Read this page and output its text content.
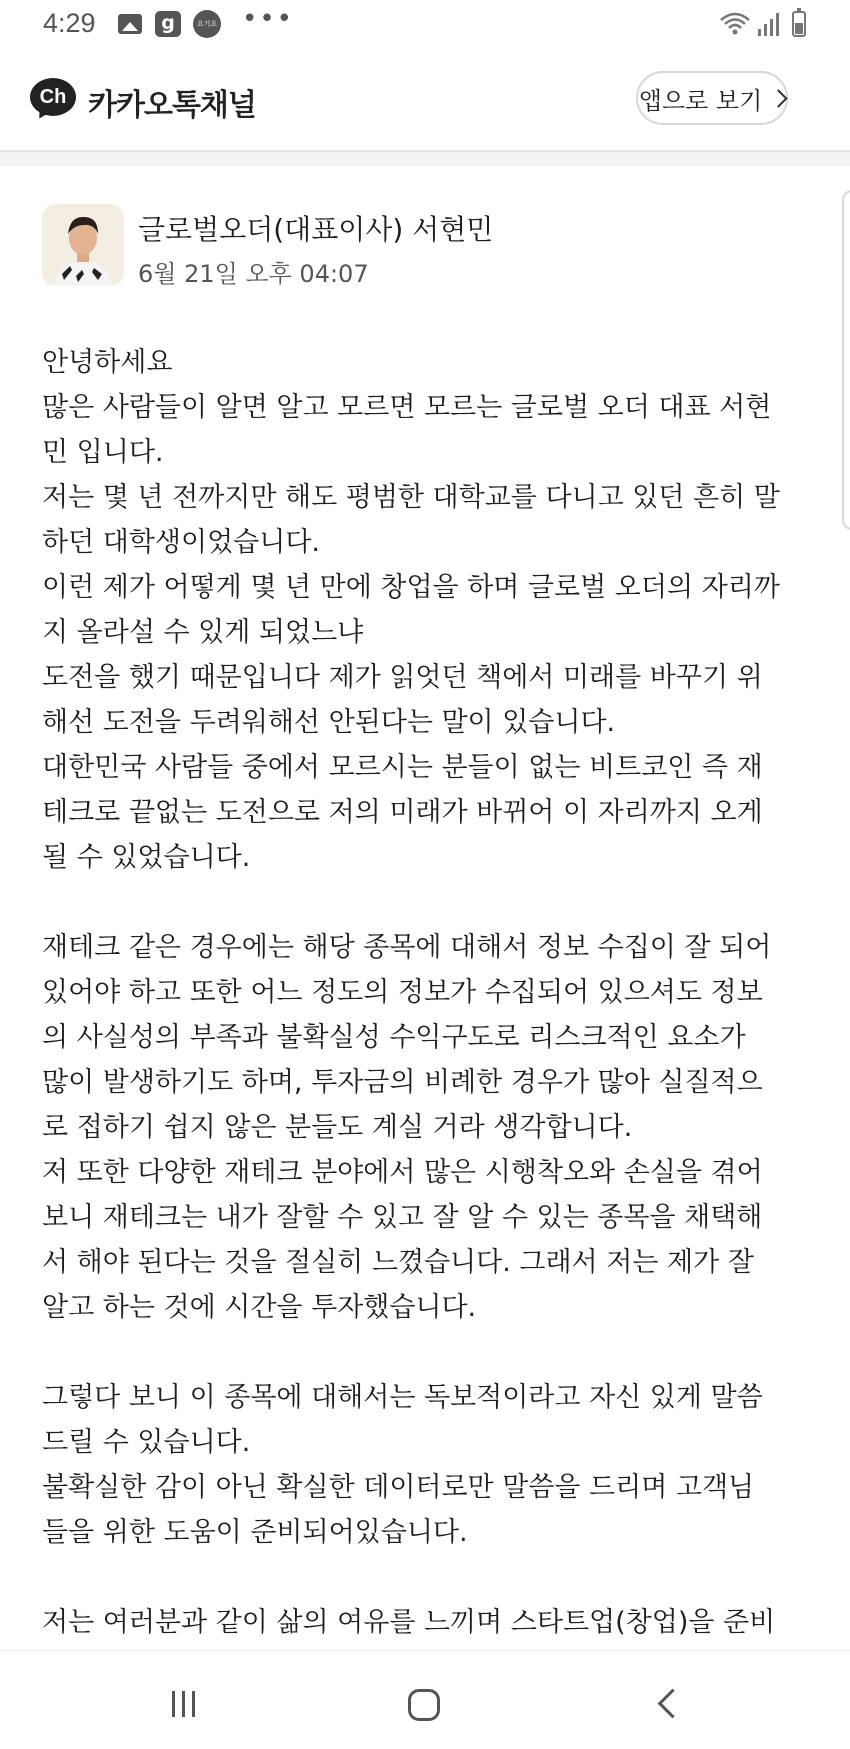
4:29	g	요기요 •••
Ch 카카오톡채널	앱으로 보기
글로벌오더(대표이사) 서현민
6월 21일 오후 04:07

안녕하세요

많은 사람들이 알면 알고 모르면 모르는 글로벌 오더 대표 서현

민 입니다.

저는 몇 년 전까지만 해도 평범한 대학교를 다니고 있던 흔히 말

하던 대학생이었습니다.

이런 제가 어떻게 몇 년 만에 창업을 하며 글로벌 오더의 자리까

지 올라설 수 있게 되었느냐

도전을 했기 때문입니다 제가 읽엇던 책에서 미래를 바꾸기 위

해선 도전을 두려워해선 안된다는 말이 있습니다.

대한민국 사람들 중에서 모르시는 분들이 없는 비트코인 즉 재

테크로 끝없는 도전으로 저의 미래가 바뀌어 이 자리까지 오게

될 수 있었습니다.

재테크 같은 경우에는 해당 종목에 대해서 정보 수집이 잘 되어

있어야 하고 또한 어느 정도의 정보가 수집되어 있으셔도 정보

의 사실성의 부족과 불확실성 수익구도로 리스크적인 요소가

많이 발생하기도 하며, 투자금의 비례한 경우가 많아 실질적으

로 접하기 쉽지 않은 분들도 계실 거라 생각합니다.

저 또한 다양한 재테크 분야에서 많은 시행착오와 손실을 겪어

보니 재테크는 내가 잘할 수 있고 잘 알 수 있는 종목을 채택해

서 해야 된다는 것을 절실히 느꼈습니다. 그래서 저는 제가 잘

알고 하는 것에 시간을 투자했습니다.

그렇다 보니 이 종목에 대해서는 독보적이라고 자신 있게 말씀

드릴 수 있습니다.

불확실한 감이 아닌 확실한 데이터로만 말씀을 드리며 고객님

들을 위한 도움이 준비되어있습니다.

저는 여러분과 같이 삶의 여유를 느끼며 스타트업(창업)을 준비
